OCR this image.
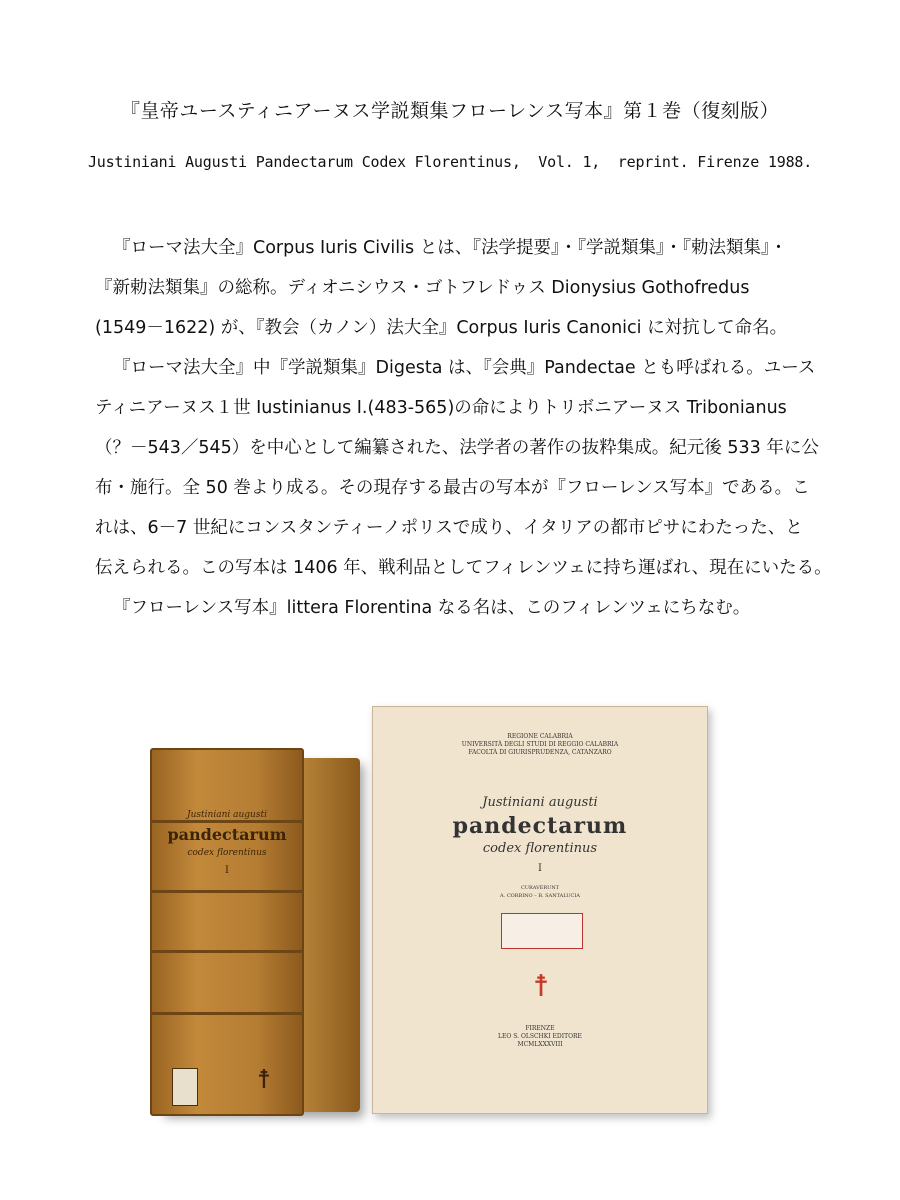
『皇帝ユースティニアーヌス学説類集フローレンス写本』第１巻（復刻版）
Justiniani Augusti Pandectarum Codex Florentinus,  Vol. 1,  reprint. Firenze 1988.
『ローマ法大全』Corpus Iuris Civilis とは、『法学提要』・『学説類集』・『勅法類集』・
『新勅法類集』の総称。ディオニシウス・ゴトフレドゥス Dionysius Gothofredus
(1549－1622) が、『教会（カノン）法大全』Corpus Iuris Canonici に対抗して命名。
『ローマ法大全』中『学説類集』Digesta は、『会典』Pandectae とも呼ばれる。ユース
ティニアーヌス１世 Iustinianus I.(483-565)の命によりトリボニアーヌス Tribonianus
（？－543／545）を中心として編纂された、法学者の著作の抜粋集成。紀元後 533 年に公
布・施行。全 50 巻より成る。その現存する最古の写本が『フローレンス写本』である。こ
れは、6－7 世紀にコンスタンティーノポリスで成り、イタリアの都市ピサにわたった、と
伝えられる。この写本は 1406 年、戦利品としてフィレンツェに持ち運ばれ、現在にいたる。
『フローレンス写本』littera Florentina なる名は、このフィレンツェにちなむ。
Justiniani augusti
pandectarum
codex florentinus
I
☨
REGIONE CALABRIA
UNIVERSITÀ DEGLI STUDI DI REGGIO CALABRIA
FACOLTÀ DI GIURISPRUDENZA, CATANZARO
Justiniani augusti
pandectarum
codex florentinus
I
CURAVERUNT
A. CORBINO – B. SANTALUCIA
☨
FIRENZE
LEO S. OLSCHKI EDITORE
MCMLXXXVIII
